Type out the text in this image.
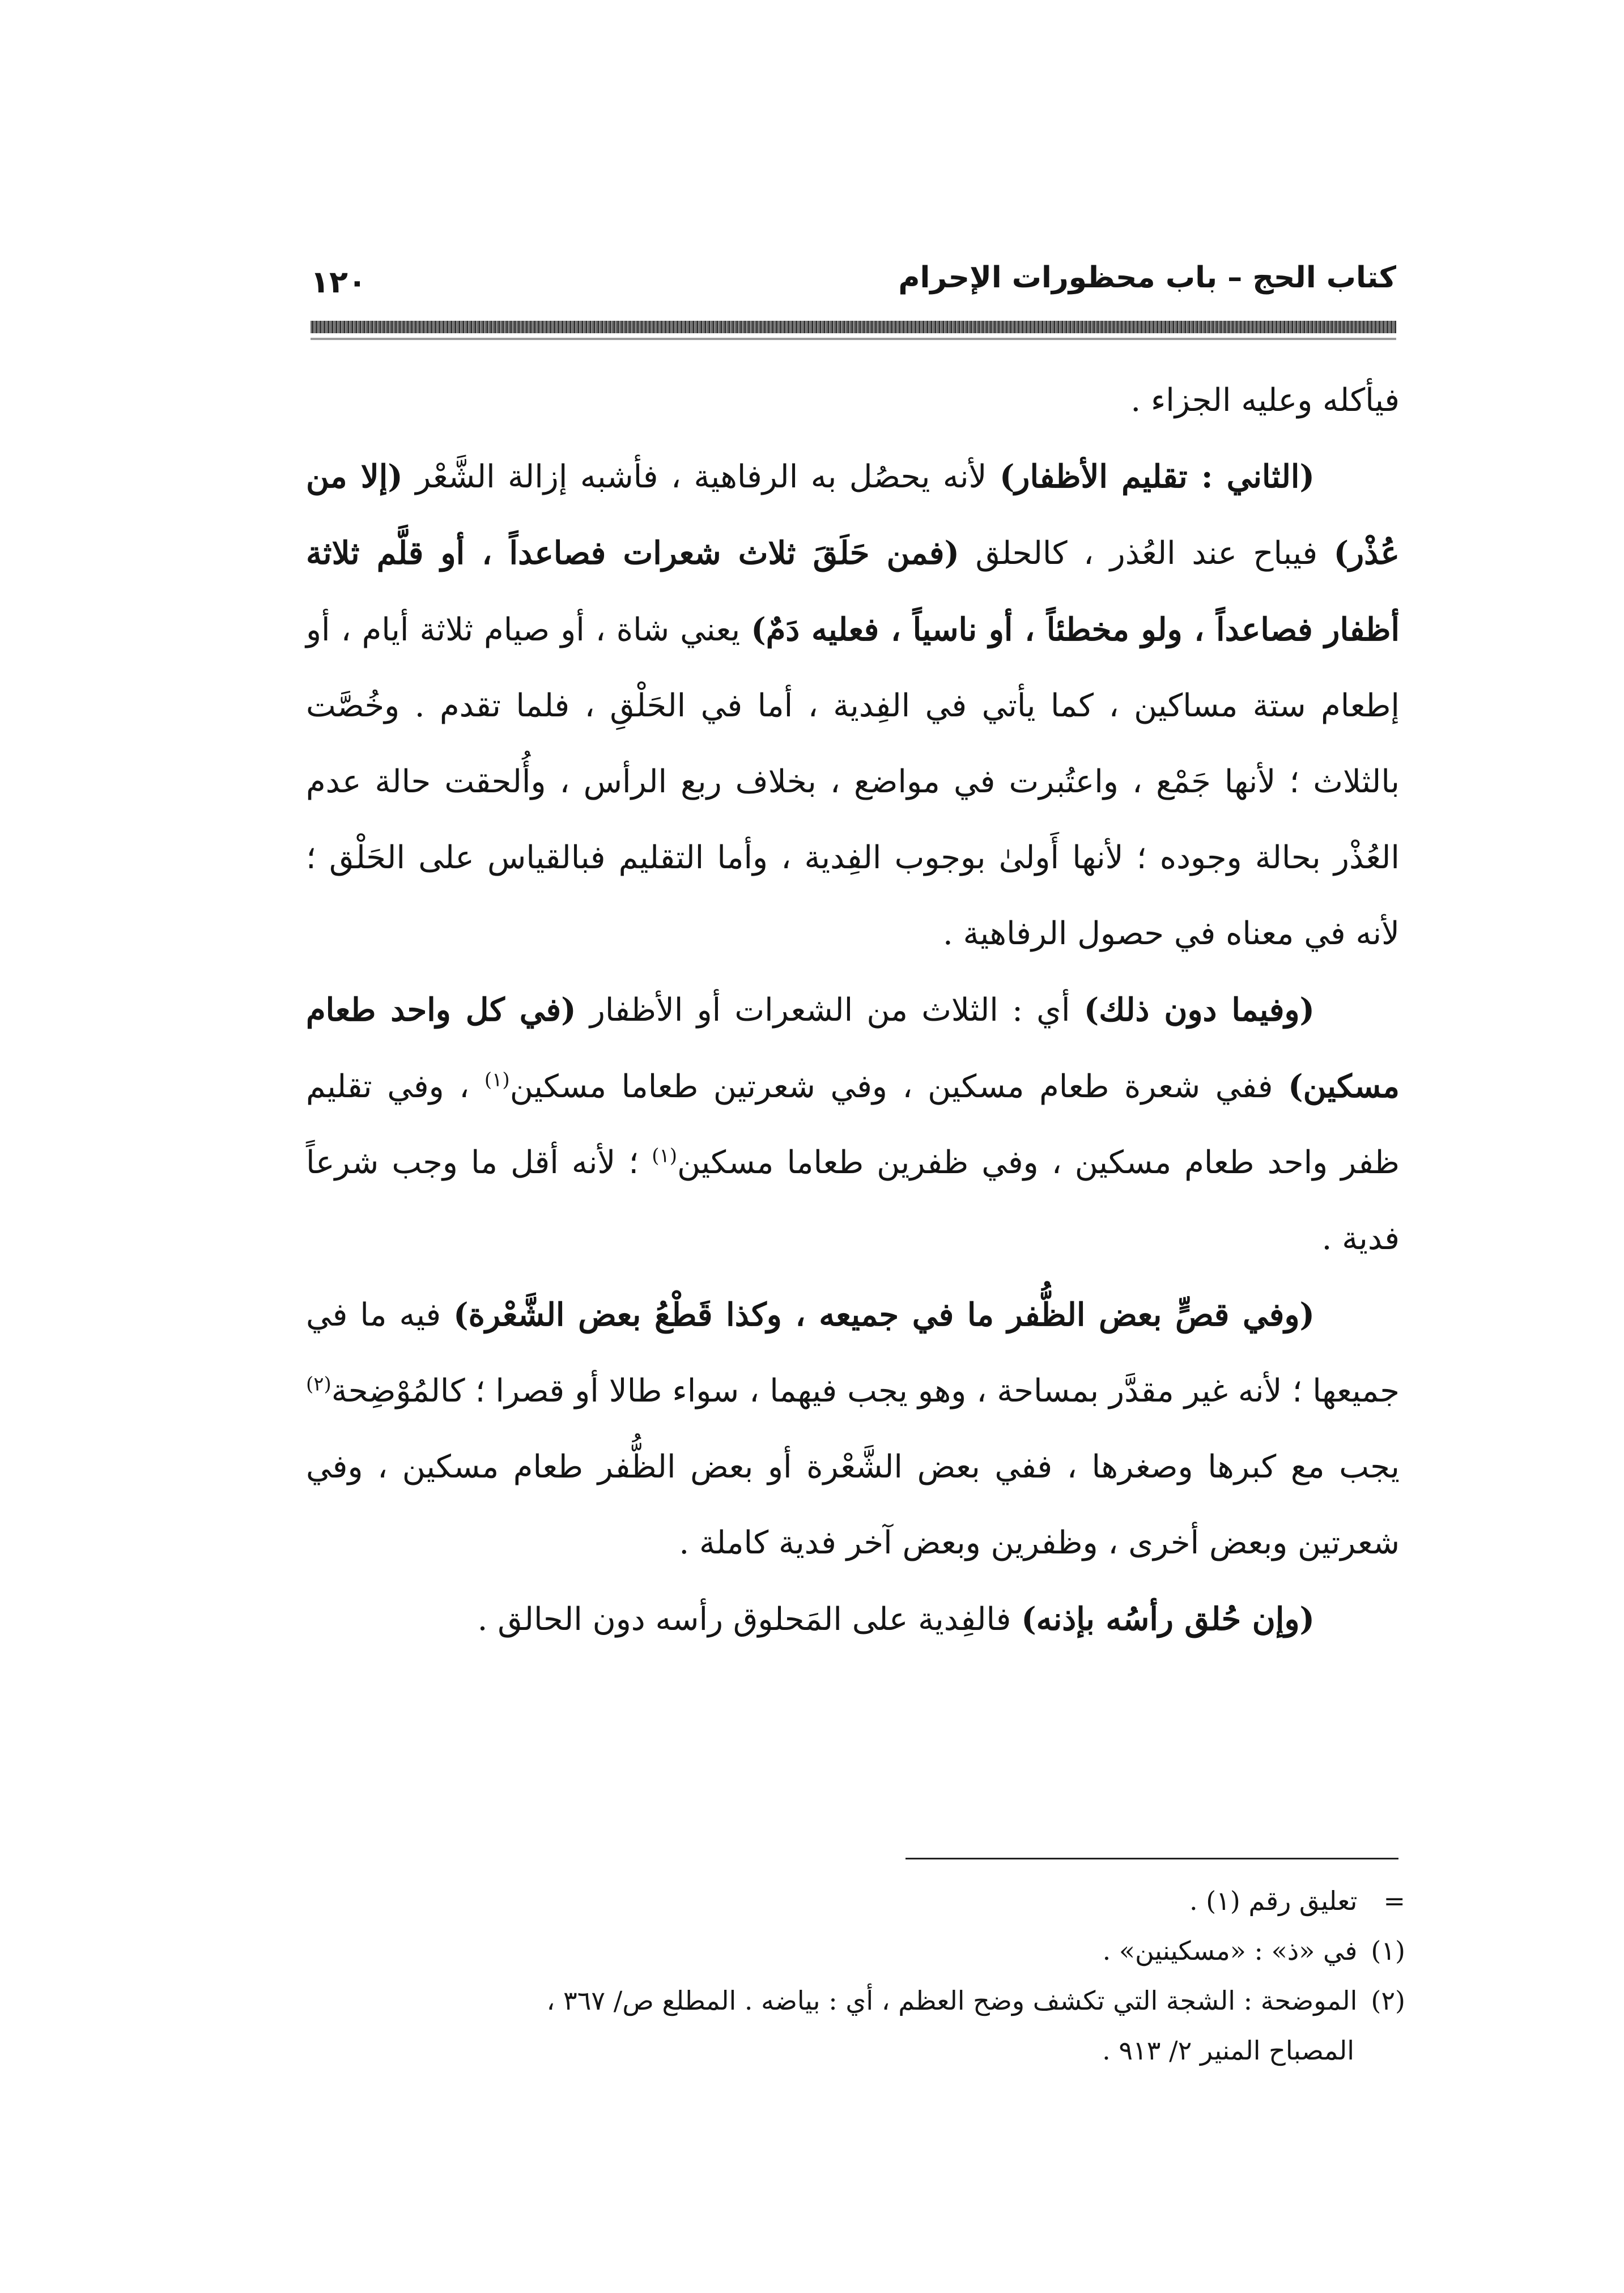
كتاب الحج – باب محظورات الإحرام
١٢٠

فيأكله وعليه الجزاء .

(الثاني : تقليم الأظفار) لأنه يحصُل به الرفاهية ، فأشبه إزالة الشَّعْر (إلا من عُذْر) فيباح عند العُذر ، كالحلق (فمن حَلَقَ ثلاث شعرات فصاعداً ، أو قلَّم ثلاثة أظفار فصاعداً ، ولو مخطئاً ، أو ناسياً ، فعليه دَمٌ) يعني شاة ، أو صيام ثلاثة أيام ، أو إطعام ستة مساكين ، كما يأتي في الفِدية ، أما في الحَلْقِ ، فلما تقدم . وخُصَّت بالثلاث ؛ لأنها جَمْع ، واعتُبرت في مواضع ، بخلاف ربع الرأس ، وأُلحقت حالة عدم العُذْر بحالة وجوده ؛ لأنها أَولىٰ بوجوب الفِدية ، وأما التقليم فبالقياس على الحَلْق ؛ لأنه في معناه في حصول الرفاهية .

(وفيما دون ذلك) أي : الثلاث من الشعرات أو الأظفار (في كل واحد طعام مسكين) ففي شعرة طعام مسكين ، وفي شعرتين طعاما مسكين$^{(١)}$ ، وفي تقليم ظفر واحد طعام مسكين ، وفي ظفرين طعاما مسكين$^{(١)}$ ؛ لأنه أقل ما وجب شرعاً فدية .

(وفي قصٍّ بعض الظُّفر ما في جميعه ، وكذا قَطْعُ بعض الشَّعْرة) فيه ما في جميعها ؛ لأنه غير مقدَّر بمساحة ، وهو يجب فيهما ، سواء طالا أو قصرا ؛ كالمُوْضِحة$^{(٢)}$ يجب مع كبرها وصغرها ، ففي بعض الشَّعْرة أو بعض الظُّفر طعام مسكين ، وفي شعرتين وبعض أخرى ، وظفرين وبعض آخر فدية كاملة .

(وإن حُلق رأسُه بإذنه) فالفِدية على المَحلوق رأسه دون الحالق .

= تعليق رقم (١) .

(١) في «ذ» : «مسكينين» .

(٢) الموضحة : الشجة التي تكشف وضح العظم ، أي : بياضه . المطلع ص/ ٣٦٧ ،

المصباح المنير ٢/ ٩١٣ .
